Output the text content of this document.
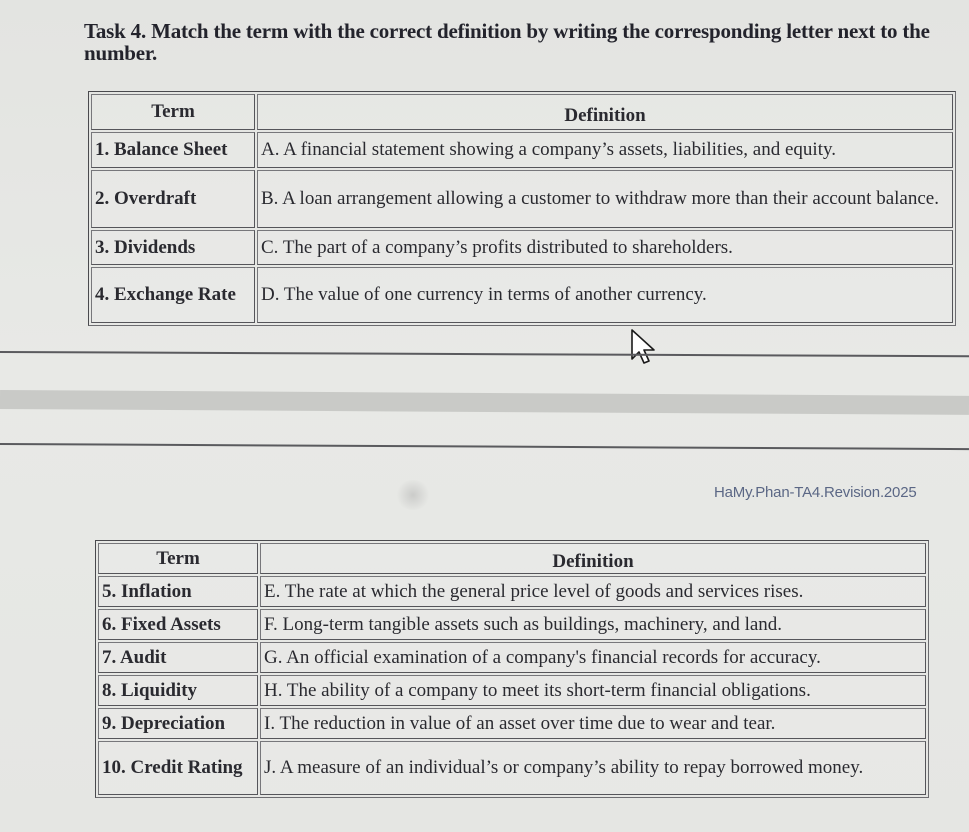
Task 4. Match the term with the correct definition by writing the corresponding letter next to the number.
Term	Definition
1. Balance Sheet	A. A financial statement showing a company’s assets, liabilities, and equity.
2. Overdraft	B. A loan arrangement allowing a customer to withdraw more than their account balance.
3. Dividends	C. The part of a company’s profits distributed to shareholders.
4. Exchange Rate	D. The value of one currency in terms of another currency.
HaMy.Phan-TA4.Revision.2025
Term	Definition
5. Inflation	E. The rate at which the general price level of goods and services rises.
6. Fixed Assets	F. Long-term tangible assets such as buildings, machinery, and land.
7. Audit	G. An official examination of a company's financial records for accuracy.
8. Liquidity	H. The ability of a company to meet its short-term financial obligations.
9. Depreciation	I. The reduction in value of an asset over time due to wear and tear.
10. Credit Rating	J. A measure of an individual’s or company’s ability to repay borrowed money.
